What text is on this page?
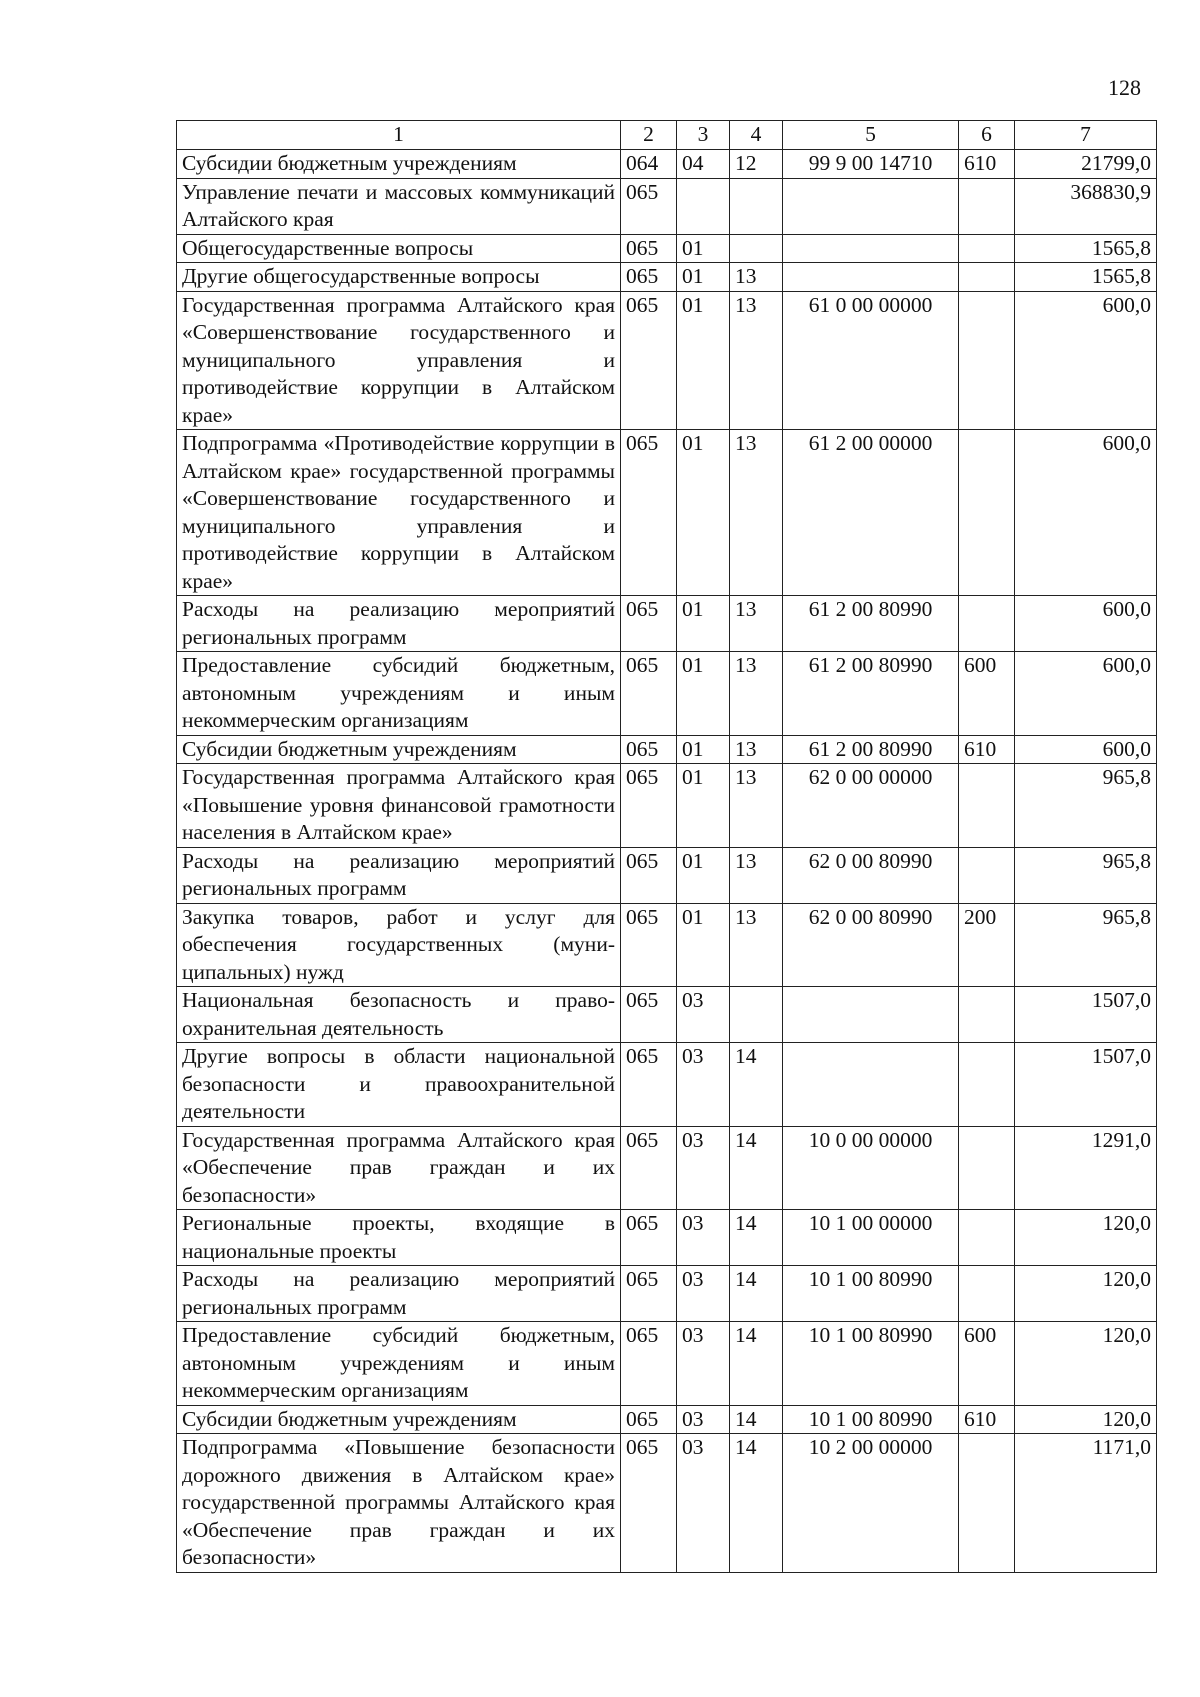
128
1	2	3	4	5	6	7
Субсидии бюджетным учреждениям	064	04	12	99 9 00 14710	610	21799,0
Управление печати и массовых коммуникаций Алтайского края	065					368830,9
Общегосударственные вопросы	065	01				1565,8
Другие общегосударственные вопросы	065	01	13			1565,8
Государственная программа Алтайского края «Совершенствование государственного и муниципального управления и противодействие коррупции в Алтайском крае»	065	01	13	61 0 00 00000		600,0
Подпрограмма «Противодействие коррупции в Алтайском крае» государственной программы «Совершенствование государственного и муниципального управления и противодействие коррупции в Алтайском крае»	065	01	13	61 2 00 00000		600,0
Расходы на реализацию мероприятий региональных программ	065	01	13	61 2 00 80990		600,0
Предоставление субсидий бюджетным, автономным учреждениям и иным некоммерческим организациям	065	01	13	61 2 00 80990	600	600,0
Субсидии бюджетным учреждениям	065	01	13	61 2 00 80990	610	600,0
Государственная программа Алтайского края «Повышение уровня финансовой грамотности населения в Алтайском крае»	065	01	13	62 0 00 00000		965,8
Расходы на реализацию мероприятий региональных программ	065	01	13	62 0 00 80990		965,8
Закупка товаров, работ и услуг для обеспечения государственных (муниципальных) нужд	065	01	13	62 0 00 80990	200	965,8
Национальная безопасность и правоохранительная деятельность	065	03				1507,0
Другие вопросы в области национальной безопасности и правоохранительной деятельности	065	03	14			1507,0
Государственная программа Алтайского края «Обеспечение прав граждан и их безопасности»	065	03	14	10 0 00 00000		1291,0
Региональные проекты, входящие в национальные проекты	065	03	14	10 1 00 00000		120,0
Расходы на реализацию мероприятий региональных программ	065	03	14	10 1 00 80990		120,0
Предоставление субсидий бюджетным, автономным учреждениям и иным некоммерческим организациям	065	03	14	10 1 00 80990	600	120,0
Субсидии бюджетным учреждениям	065	03	14	10 1 00 80990	610	120,0
Подпрограмма «Повышение безопасности дорожного движения в Алтайском крае» государственной программы Алтайского края «Обеспечение прав граждан и их безопасности»	065	03	14	10 2 00 00000		1171,0
